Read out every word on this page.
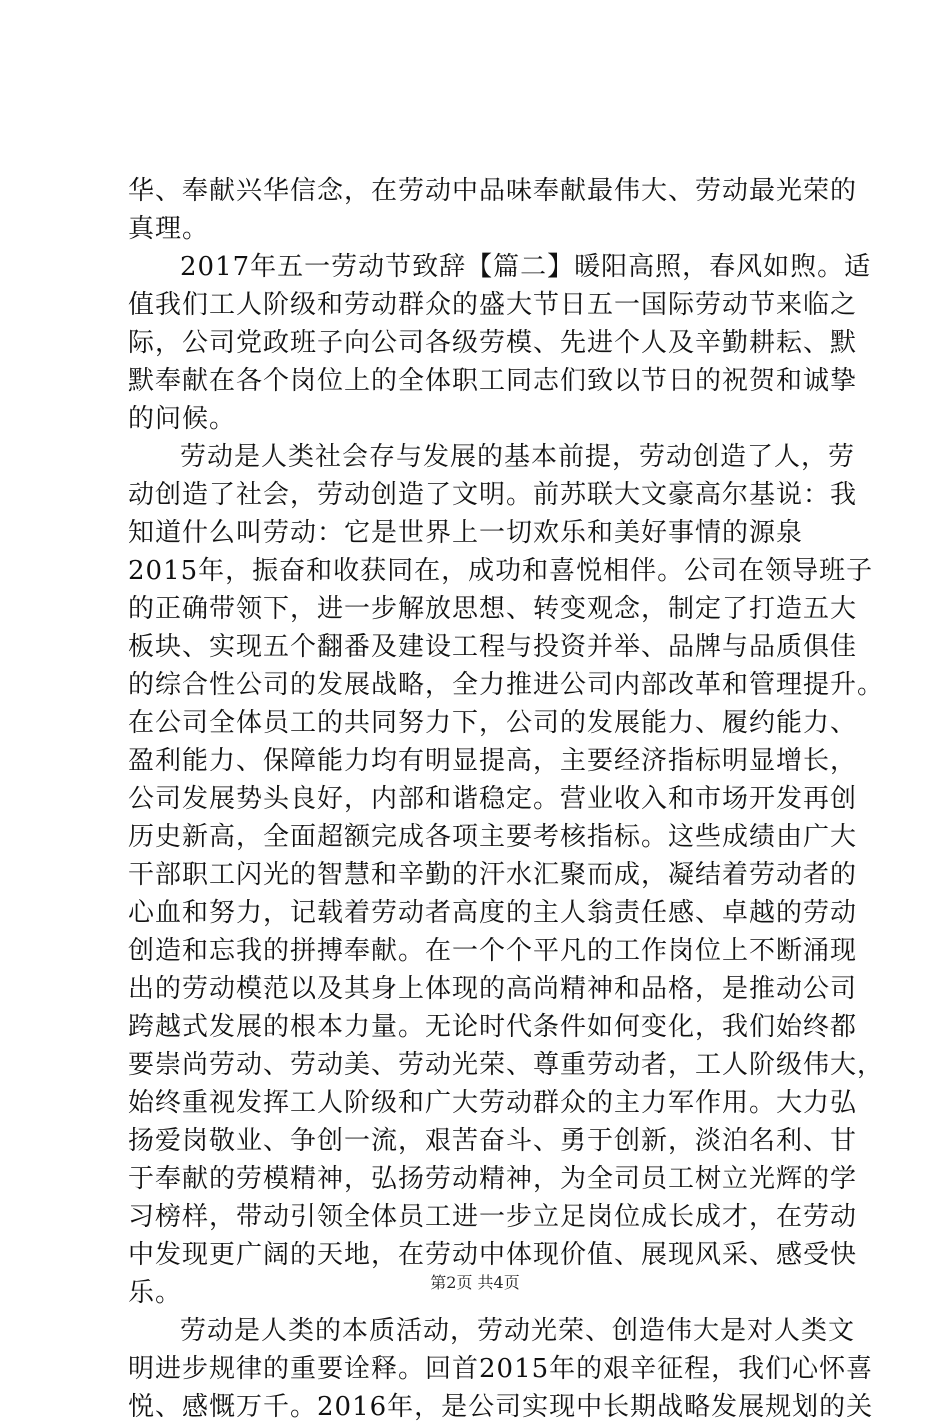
华、奉献兴华信念，在劳动中品味奉献最伟大、劳动最光荣的
真理。
2017年五一劳动节致辞【篇二】暖阳高照，春风如煦。适
值我们工人阶级和劳动群众的盛大节日五一国际劳动节来临之
际，公司党政班子向公司各级劳模、先进个人及辛勤耕耘、默
默奉献在各个岗位上的全体职工同志们致以节日的祝贺和诚挚
的问候。
劳动是人类社会存与发展的基本前提，劳动创造了人，劳
动创造了社会，劳动创造了文明。前苏联大文豪高尔基说：我
知道什么叫劳动：它是世界上一切欢乐和美好事情的源泉
2015年，振奋和收获同在，成功和喜悦相伴。公司在领导班子
的正确带领下，进一步解放思想、转变观念，制定了打造五大
板块、实现五个翻番及建设工程与投资并举、品牌与品质俱佳
的综合性公司的发展战略，全力推进公司内部改革和管理提升。
在公司全体员工的共同努力下，公司的发展能力、履约能力、
盈利能力、保障能力均有明显提高，主要经济指标明显增长，
公司发展势头良好，内部和谐稳定。营业收入和市场开发再创
历史新高，全面超额完成各项主要考核指标。这些成绩由广大
干部职工闪光的智慧和辛勤的汗水汇聚而成，凝结着劳动者的
心血和努力，记载着劳动者高度的主人翁责任感、卓越的劳动
创造和忘我的拼搏奉献。在一个个平凡的工作岗位上不断涌现
出的劳动模范以及其身上体现的高尚精神和品格，是推动公司
跨越式发展的根本力量。无论时代条件如何变化，我们始终都
要崇尚劳动、劳动美、劳动光荣、尊重劳动者，工人阶级伟大，
始终重视发挥工人阶级和广大劳动群众的主力军作用。大力弘
扬爱岗敬业、争创一流，艰苦奋斗、勇于创新，淡泊名利、甘
于奉献的劳模精神，弘扬劳动精神，为全司员工树立光辉的学
习榜样，带动引领全体员工进一步立足岗位成长成才，在劳动
中发现更广阔的天地，在劳动中体现价值、展现风采、感受快
乐。
劳动是人类的本质活动，劳动光荣、创造伟大是对人类文
明进步规律的重要诠释。回首2015年的艰辛征程，我们心怀喜
悦、感慨万千。2016年，是公司实现中长期战略发展规划的关
第2页 共4页
